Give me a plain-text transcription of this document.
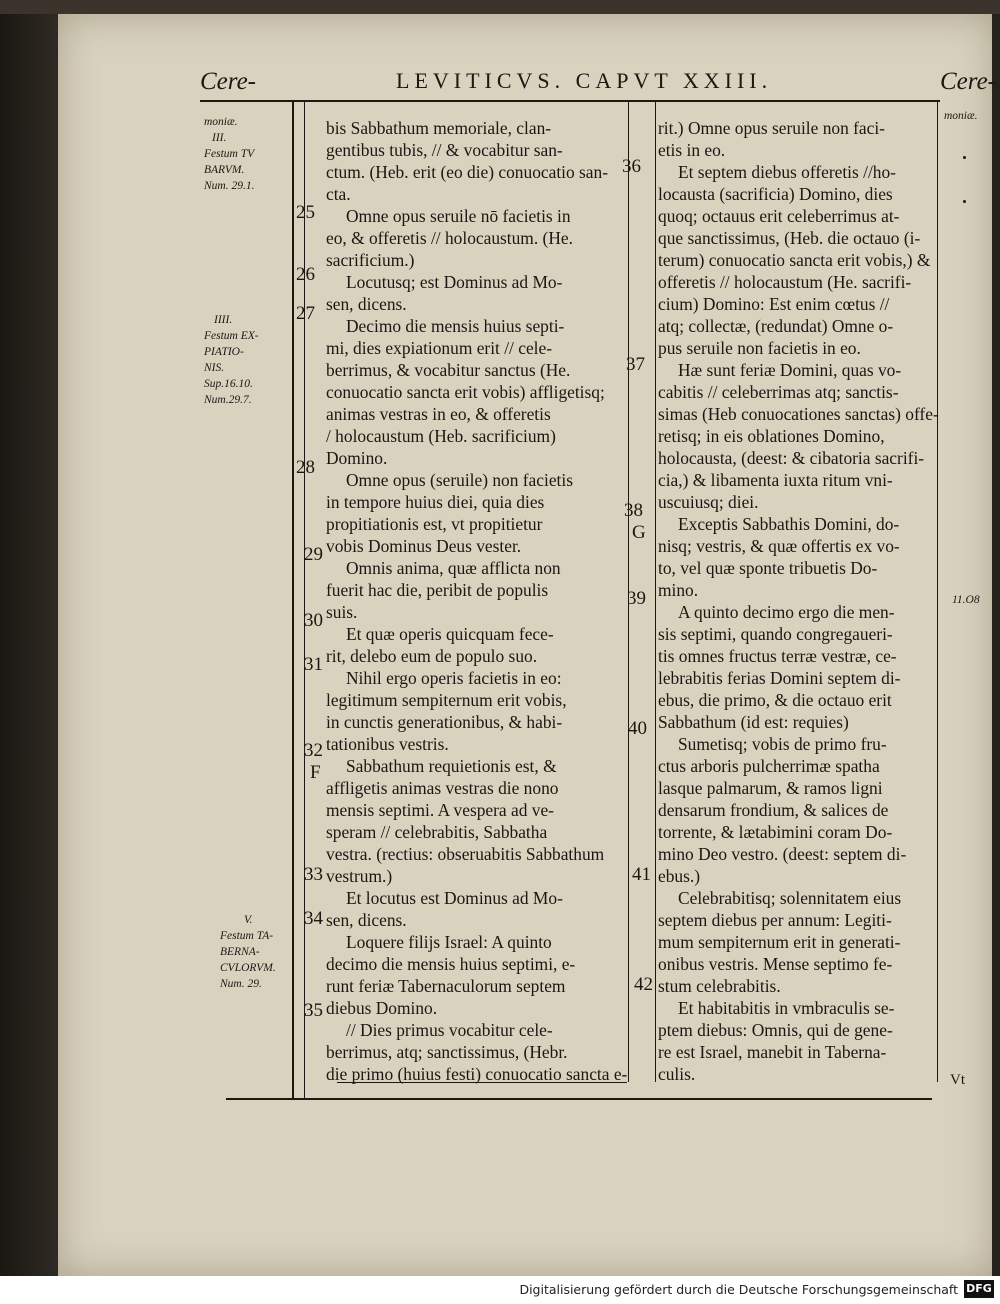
Cere-	LEVITICVS. CAPVT XXIII.	Cere-
moniæ.
III.
Festum TV
BARVM.
Num. 29.1.
IIII.
Festum EX-
PIATIO-
NIS.
Sup.16.10.
Num.29.7.
V.
Festum TA-
BERNA-
CVLORVM.
Num. 29.
moniæ.
11.O8
25
26
27
28
29
30
31
32
F
33
34
35
36
37
38
G
39
40
41
42
bis Sabbathum memoriale, clan-
gentibus tubis, // & vocabitur san-
ctum. (Heb. erit (eo die) conuocatio san-
cta.
Omne opus seruile nō facietis in
eo, & offeretis // holocaustum. (He.
sacrificium.)
Locutusq; est Dominus ad Mo-
sen, dicens.
Decimo die mensis huius septi-
mi, dies expiationum erit // cele-
berrimus, & vocabitur sanctus (He.
conuocatio sancta erit vobis) affligetisq;
animas vestras in eo, & offeretis
/ holocaustum (Heb. sacrificium)
Domino.
Omne opus (seruile) non facietis
in tempore huius diei, quia dies
propitiationis est, vt propitietur
vobis Dominus Deus vester.
Omnis anima, quæ afflicta non
fuerit hac die, peribit de populis
suis.
Et quæ operis quicquam fece-
rit, delebo eum de populo suo.
Nihil ergo operis facietis in eo:
legitimum sempiternum erit vobis,
in cunctis generationibus, & habi-
tationibus vestris.
Sabbathum requietionis est, &
affligetis animas vestras die nono
mensis septimi. A vespera ad ve-
speram // celebrabitis, Sabbatha
vestra. (rectius: obseruabitis Sabbathum
vestrum.)
Et locutus est Dominus ad Mo-
sen, dicens.
Loquere filijs Israel: A quinto
decimo die mensis huius septimi, e-
runt feriæ Tabernaculorum septem
diebus Domino.
// Dies primus vocabitur cele-
berrimus, atq; sanctissimus, (Hebr.
die primo (huius festi) conuocatio sancta e-
rit.) Omne opus seruile non faci-
etis in eo.
Et septem diebus offeretis //ho-
locausta (sacrificia) Domino, dies
quoq; octauus erit celeberrimus at-
que sanctissimus, (Heb. die octauo (i-
terum) conuocatio sancta erit vobis,) &
offeretis // holocaustum (He. sacrifi-
cium) Domino: Est enim cœtus //
atq; collectæ, (redundat) Omne o-
pus seruile non facietis in eo.
Hæ sunt feriæ Domini, quas vo-
cabitis // celeberrimas atq; sanctis-
simas (Heb conuocationes sanctas) offe-
retisq; in eis oblationes Domino,
holocausta, (deest: & cibatoria sacrifi-
cia,) & libamenta iuxta ritum vni-
uscuiusq; diei.
Exceptis Sabbathis Domini, do-
nisq; vestris, & quæ offertis ex vo-
to, vel quæ sponte tribuetis Do-
mino.
A quinto decimo ergo die men-
sis septimi, quando congregaueri-
tis omnes fructus terræ vestræ, ce-
lebrabitis ferias Domini septem di-
ebus, die primo, & die octauo erit
Sabbathum (id est: requies)
Sumetisq; vobis de primo fru-
ctus arboris pulcherrimæ spatha
lasque palmarum, & ramos ligni
densarum frondium, & salices de
torrente, & lætabimini coram Do-
mino Deo vestro. (deest: septem di-
ebus.)
Celebrabitisq; solennitatem eius
septem diebus per annum: Legiti-
mum sempiternum erit in generati-
onibus vestris. Mense septimo fe-
stum celebrabitis.
Et habitabitis in vmbraculis se-
ptem diebus: Omnis, qui de gene-
re est Israel, manebit in Taberna-
culis.	Vt
Digitalisierung gefördert durch die Deutsche Forschungsgemeinschaft DFG
